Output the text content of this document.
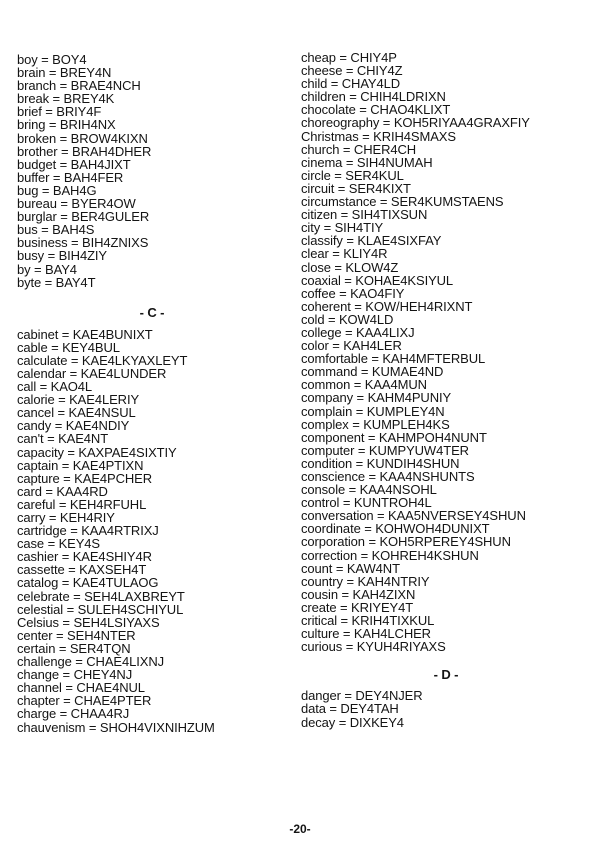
boy = BOY4
brain = BREY4N
branch = BRAE4NCH
break = BREY4K
brief = BRIY4F
bring = BRIH4NX
broken = BROW4KIXN
brother = BRAH4DHER
budget = BAH4JIXT
buffer = BAH4FER
bug = BAH4G
bureau = BYER4OW
burglar = BER4GULER
bus = BAH4S
business = BIH4ZNIXS
busy = BIH4ZIY
by = BAY4
byte = BAY4T
- C -
cabinet = KAE4BUNIXT
cable = KEY4BUL
calculate = KAE4LKYAXLEYT
calendar = KAE4LUNDER
call = KAO4L
calorie = KAE4LERIY
cancel = KAE4NSUL
candy = KAE4NDIY
can't = KAE4NT
capacity = KAXPAE4SIXTIY
captain = KAE4PTIXN
capture = KAE4PCHER
card = KAA4RD
careful = KEH4RFUHL
carry = KEH4RIY
cartridge = KAA4RTRIXJ
case = KEY4S
cashier = KAE4SHIY4R
cassette = KAXSEH4T
catalog = KAE4TULAOG
celebrate = SEH4LAXBREYT
celestial = SULEH4SCHIYUL
Celsius = SEH4LSIYAXS
center = SEH4NTER
certain = SER4TQN
challenge = CHAE4LIXNJ
change = CHEY4NJ
channel = CHAE4NUL
chapter = CHAE4PTER
charge = CHAA4RJ
chauvenism = SHOH4VIXNIHZUM
cheap = CHIY4P
cheese = CHIY4Z
child = CHAY4LD
children = CHIH4LDRIXN
chocolate = CHAO4KLIXT
choreography = KOH5RIYAA4GRAXFIY
Christmas = KRIH4SMAXS
church = CHER4CH
cinema = SIH4NUMAH
circle = SER4KUL
circuit = SER4KIXT
circumstance = SER4KUMSTAENS
citizen = SIH4TIXSUN
city = SIH4TIY
classify = KLAE4SIXFAY
clear = KLIY4R
close = KLOW4Z
coaxial = KOHAE4KSIYUL
coffee = KAO4FIY
coherent = KOW/HEH4RIXNT
cold = KOW4LD
college = KAA4LIXJ
color = KAH4LER
comfortable = KAH4MFTERBUL
command = KUMAE4ND
common = KAA4MUN
company = KAHM4PUNIY
complain = KUMPLEY4N
complex = KUMPLEH4KS
component = KAHMPOH4NUNT
computer = KUMPYUW4TER
condition = KUNDIH4SHUN
conscience = KAA4NSHUNTS
console = KAA4NSOHL
control = KUNTROH4L
conversation = KAA5NVERSEY4SHUN
coordinate = KOHWOH4DUNIXT
corporation = KOH5RPEREY4SHUN
correction = KOHREH4KSHUN
count = KAW4NT
country = KAH4NTRIY
cousin = KAH4ZIXN
create = KRIYEY4T
critical = KRIH4TIXKUL
culture = KAH4LCHER
curious = KYUH4RIYAXS
- D -
danger = DEY4NJER
data = DEY4TAH
decay = DIXKEY4
-20-
